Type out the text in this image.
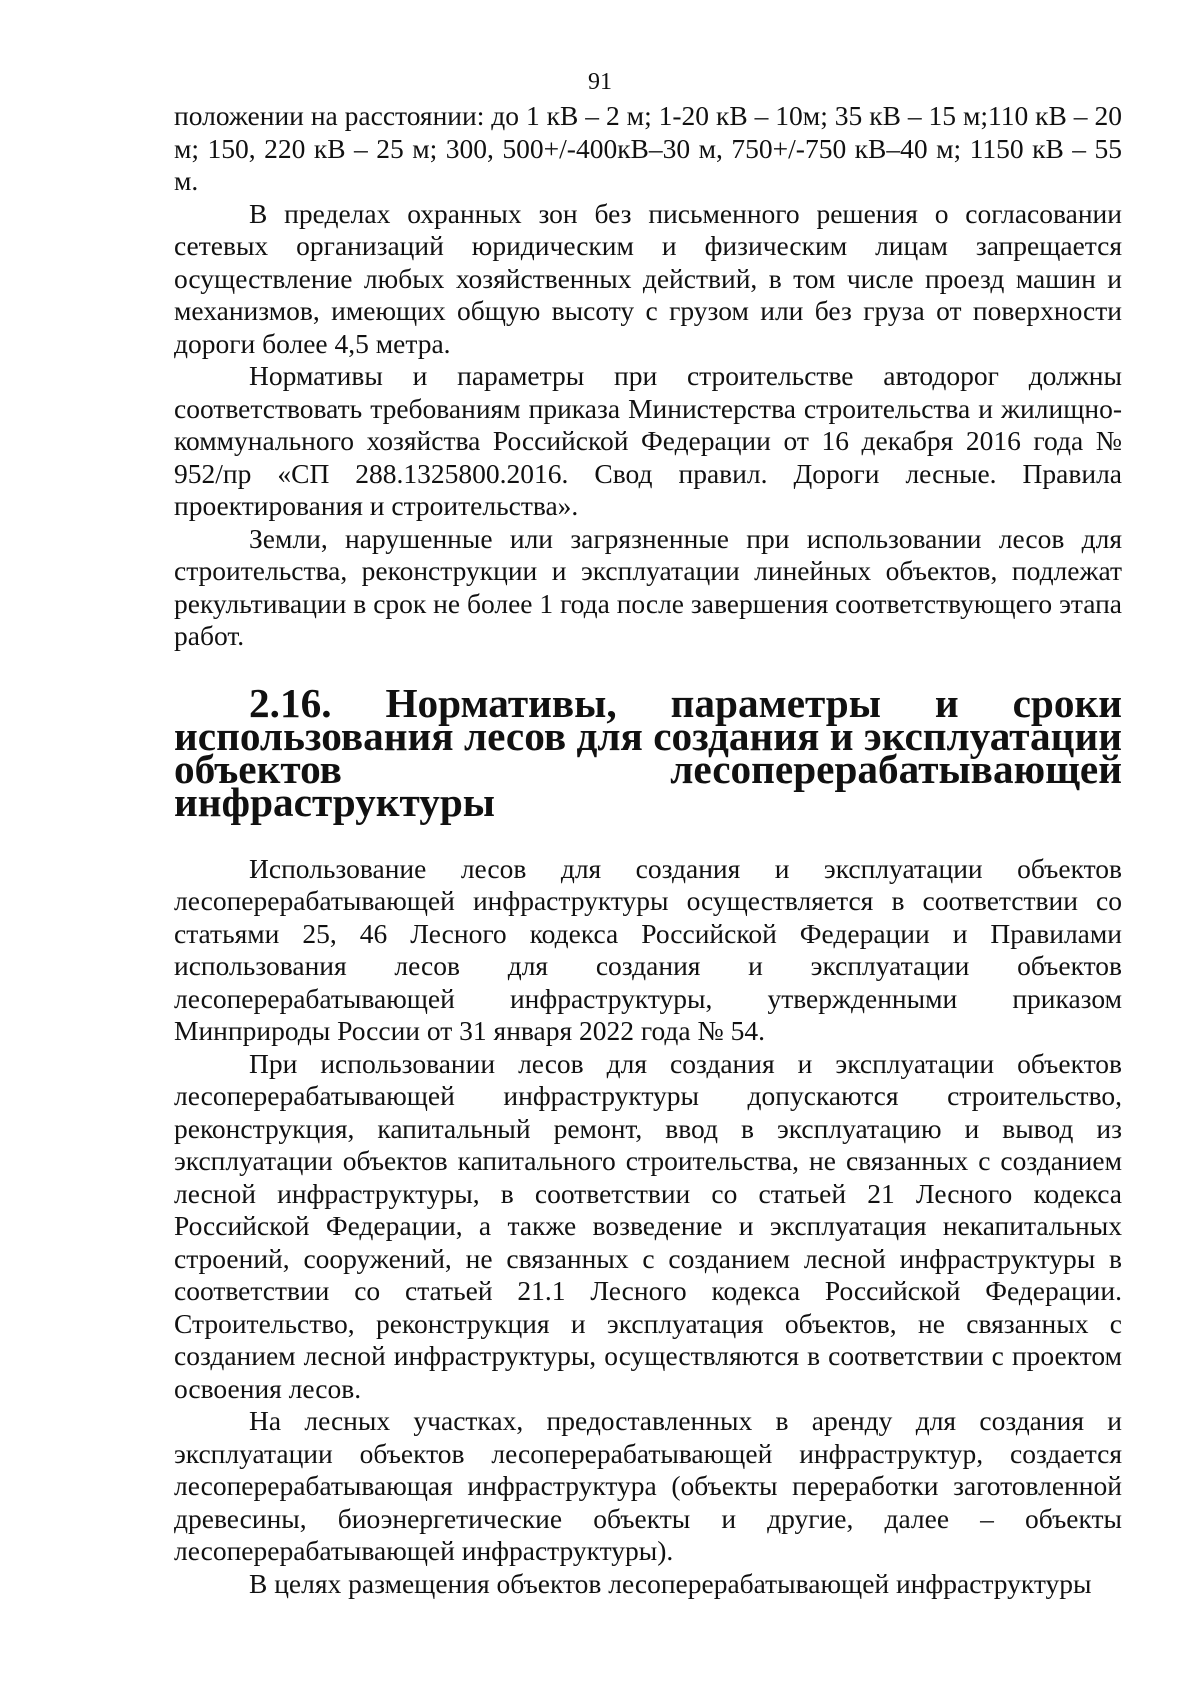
91

положении на расстоянии: до 1 кВ – 2 м; 1-20 кВ – 10м; 35 кВ – 15 м;110 кВ – 20 м; 150, 220 кВ – 25 м; 300, 500+/-400кВ–30 м, 750+/-750 кВ–40 м; 1150 кВ – 55 м.

В пределах охранных зон без письменного решения о согласовании сетевых организаций юридическим и физическим лицам запрещается осуществление любых хозяйственных действий, в том числе проезд машин и механизмов, имеющих общую высоту с грузом или без груза от поверхности дороги более 4,5 метра.

Нормативы и параметры при строительстве автодорог должны соответствовать требованиям приказа Министерства строительства и жилищно-коммунального хозяйства Российской Федерации от 16 декабря 2016 года № 952/пр «СП 288.1325800.2016. Свод правил. Дороги лесные. Правила проектирования и строительства».

Земли, нарушенные или загрязненные при использовании лесов для строительства, реконструкции и эксплуатации линейных объектов, подлежат рекультивации в срок не более 1 года после завершения соответствующего этапа работ.

2.16. Нормативы, параметры и сроки использования лесов для создания и эксплуатации объектов лесоперерабатывающей инфраструктуры

Использование лесов для создания и эксплуатации объектов лесоперерабатывающей инфраструктуры осуществляется в соответствии со статьями 25, 46 Лесного кодекса Российской Федерации и Правилами использования лесов для создания и эксплуатации объектов лесоперерабатывающей инфраструктуры, утвержденными приказом Минприроды России от 31 января 2022 года № 54.

При использовании лесов для создания и эксплуатации объектов лесоперерабатывающей инфраструктуры допускаются строительство, реконструкция, капитальный ремонт, ввод в эксплуатацию и вывод из эксплуатации объектов капитального строительства, не связанных с созданием лесной инфраструктуры, в соответствии со статьей 21 Лесного кодекса Российской Федерации, а также возведение и эксплуатация некапитальных строений, сооружений, не связанных с созданием лесной инфраструктуры в соответствии со статьей 21.1 Лесного кодекса Российской Федерации. Строительство, реконструкция и эксплуатация объектов, не связанных с созданием лесной инфраструктуры, осуществляются в соответствии с проектом освоения лесов.

На лесных участках, предоставленных в аренду для создания и эксплуатации объектов лесоперерабатывающей инфраструктур, создается лесоперерабатывающая инфраструктура (объекты переработки заготовленной древесины, биоэнергетические объекты и другие, далее – объекты лесоперерабатывающей инфраструктуры).

В целях размещения объектов лесоперерабатывающей инфраструктуры
